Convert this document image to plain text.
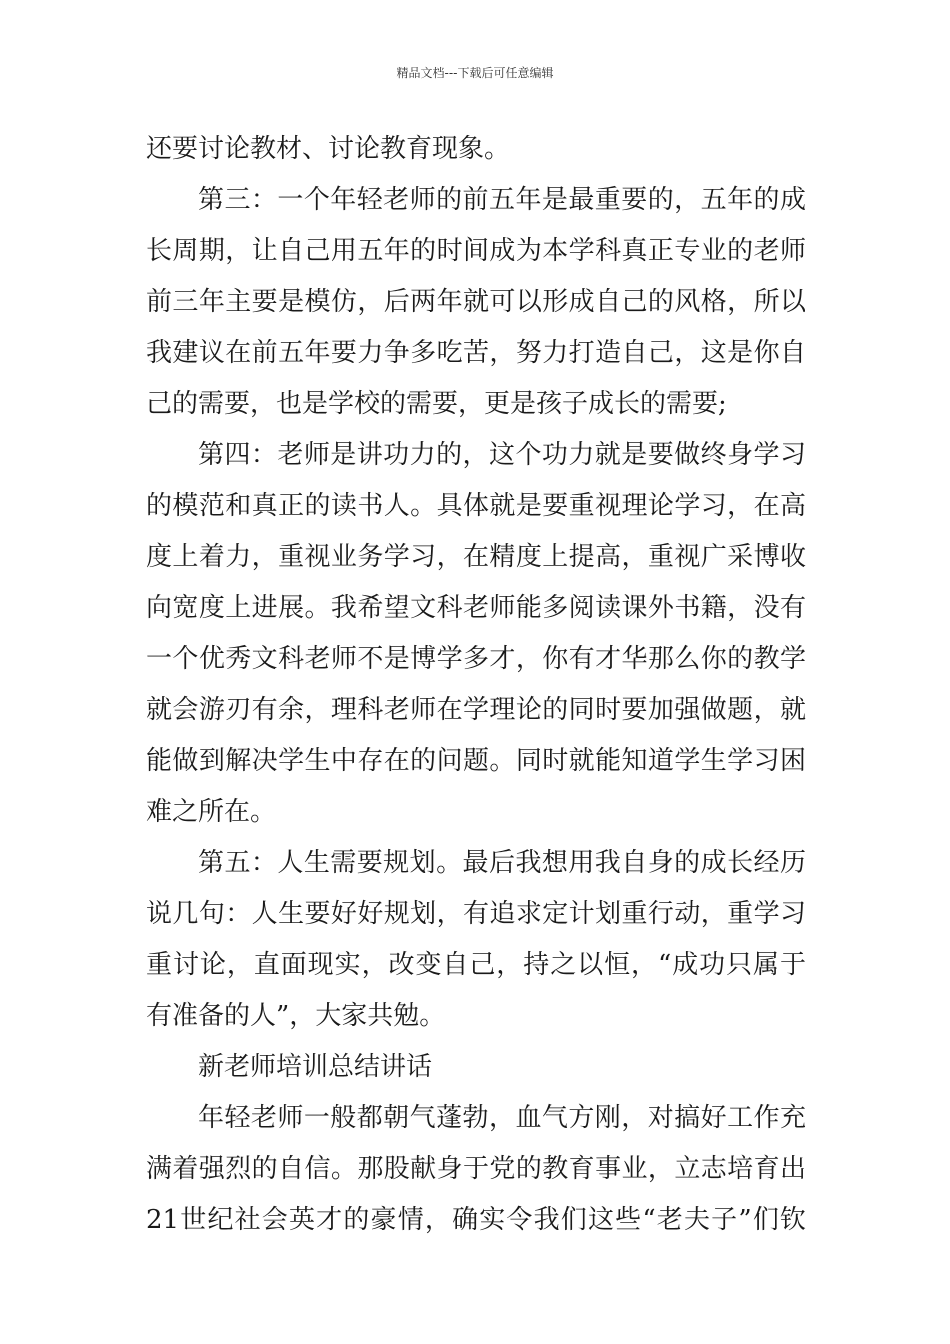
精品文档---下载后可任意编辑
还要讨论教材、讨论教育现象。
第三：一个年轻老师的前五年是最重要的，五年的成
长周期，让自己用五年的时间成为本学科真正专业的老师
前三年主要是模仿，后两年就可以形成自己的风格，所以
我建议在前五年要力争多吃苦，努力打造自己，这是你自
己的需要，也是学校的需要，更是孩子成长的需要;
第四：老师是讲功力的，这个功力就是要做终身学习
的模范和真正的读书人。具体就是要重视理论学习，在高
度上着力，重视业务学习，在精度上提高，重视广采博收
向宽度上进展。我希望文科老师能多阅读课外书籍，没有
一个优秀文科老师不是博学多才，你有才华那么你的教学
就会游刃有余，理科老师在学理论的同时要加强做题，就
能做到解决学生中存在的问题。同时就能知道学生学习困
难之所在。
第五：人生需要规划。最后我想用我自身的成长经历
说几句：人生要好好规划，有追求定计划重行动，重学习
重讨论，直面现实，改变自己，持之以恒，“成功只属于
有准备的人”，大家共勉。
新老师培训总结讲话
年轻老师一般都朝气蓬勃，血气方刚，对搞好工作充
满着强烈的自信。那股献身于党的教育事业，立志培育出
21世纪社会英才的豪情，确实令我们这些“老夫子”们钦
